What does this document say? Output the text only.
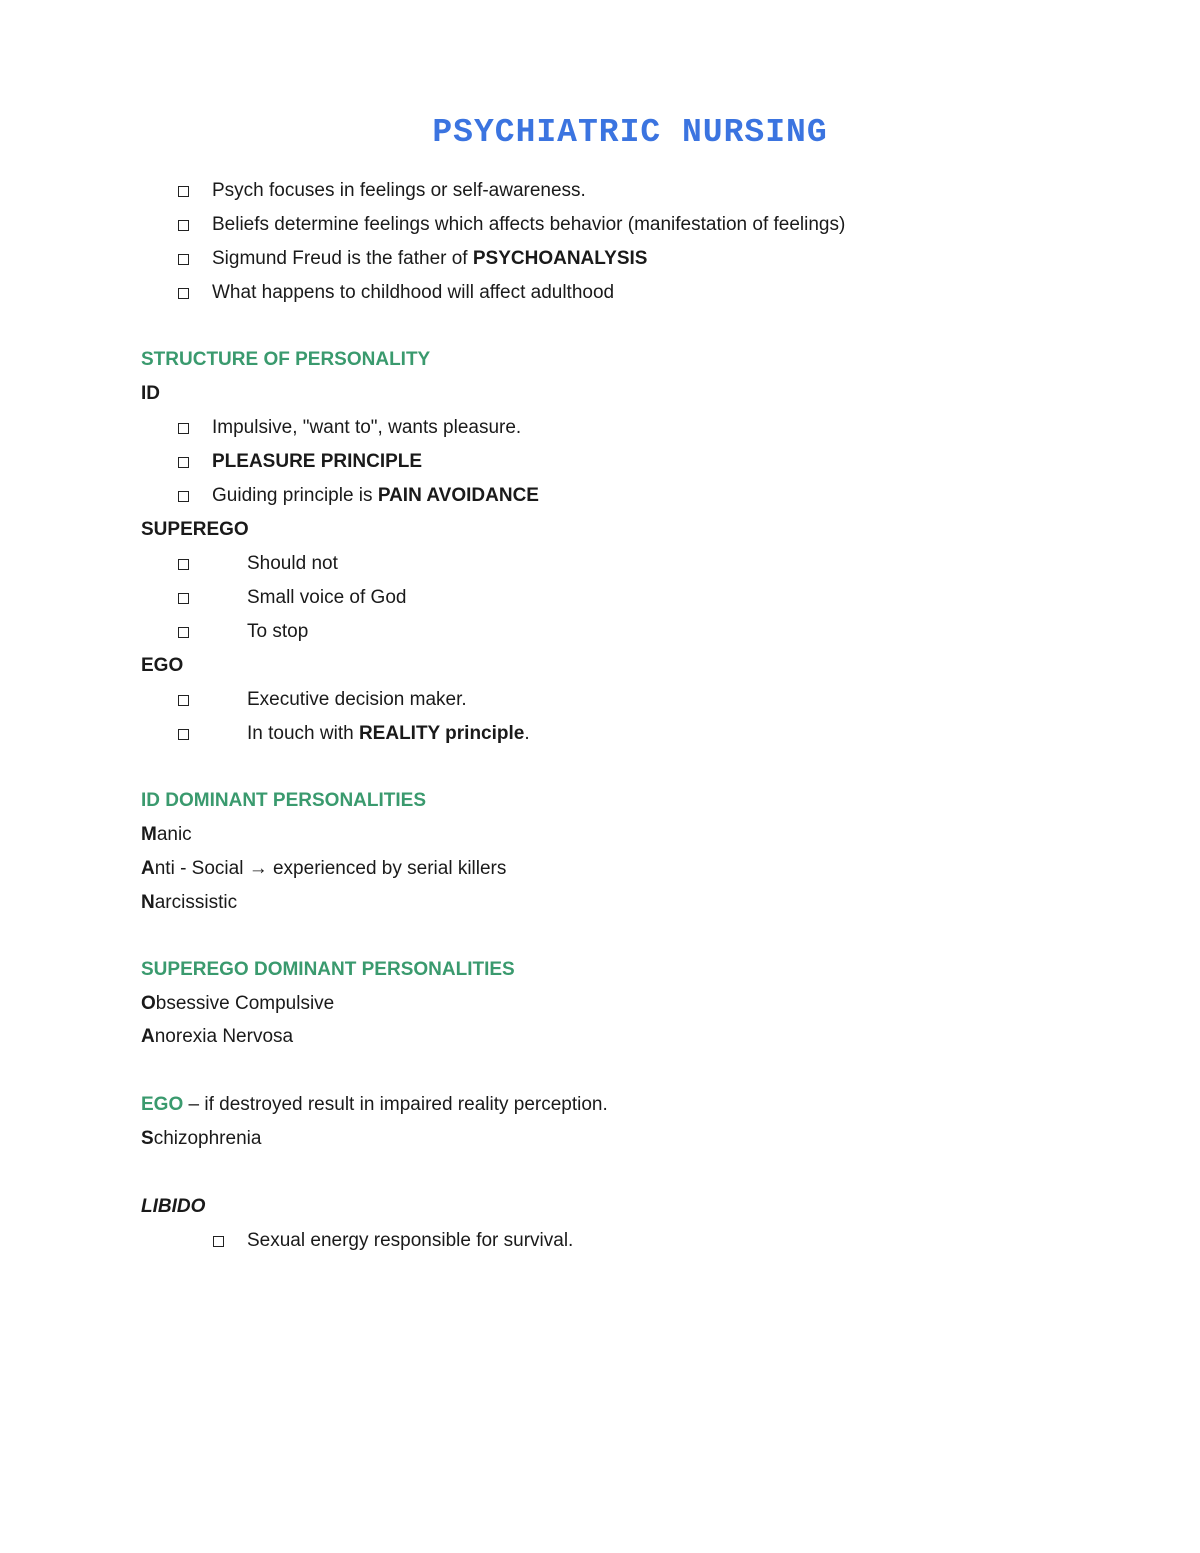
PSYCHIATRIC NURSING
Psych focuses in feelings or self-awareness.
Beliefs determine feelings which affects behavior (manifestation of feelings)
Sigmund Freud is the father of PSYCHOANALYSIS
What happens to childhood will affect adulthood
STRUCTURE OF PERSONALITY
ID
Impulsive, "want to", wants pleasure.
PLEASURE PRINCIPLE
Guiding principle is PAIN AVOIDANCE
SUPEREGO
Should not
Small voice of God
To stop
EGO
Executive decision maker.
In touch with REALITY principle.
ID DOMINANT PERSONALITIES
Manic
Anti - Social → experienced by serial killers
Narcissistic
SUPEREGO DOMINANT PERSONALITIES
Obsessive Compulsive
Anorexia Nervosa
EGO – if destroyed result in impaired reality perception.
Schizophrenia
LIBIDO
Sexual energy responsible for survival.
